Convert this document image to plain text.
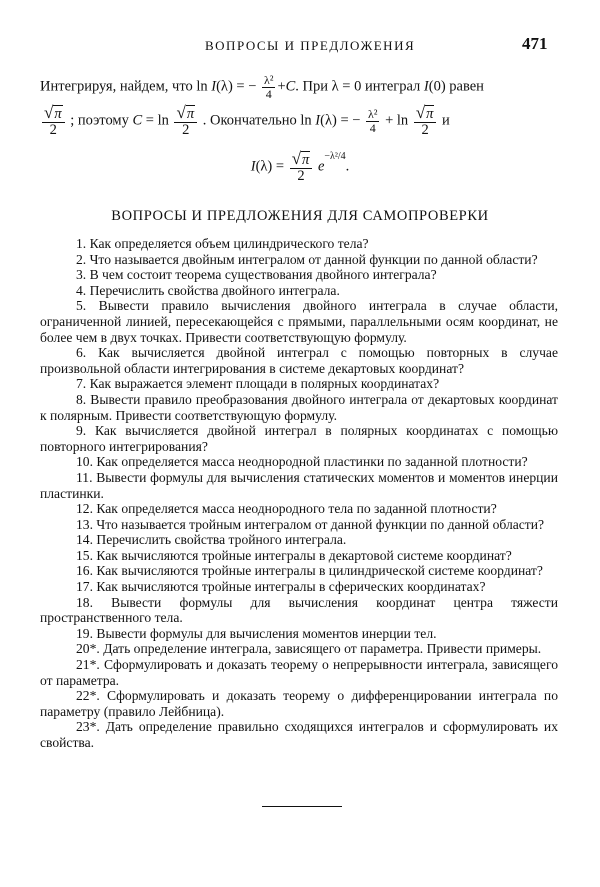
ВОПРОСЫ И ПРЕДЛОЖЕНИЯ	471
Интегрируя, найдем, что ln I(λ) = − $\frac{\text{λ²}}{4} +C$. При λ = 0 интеграл I(0) равен
$\frac{√\pi}{2}$ ; поэтому $C = \ln \frac{√\pi}{2}$ . Окончательно ln I(λ) = − $\frac{\text{λ²}}{4} + \ln \frac{√\pi}{2}$ и
$I(\lambda) = \frac{√\pi}{2} e^{-\lambda^2/4}$.
ВОПРОСЫ И ПРЕДЛОЖЕНИЯ ДЛЯ САМОПРОВЕРКИ
1. Как определяется объем цилиндрического тела?
2. Что называется двойным интегралом от данной функции по данной области?
3. В чем состоит теорема существования двойного интеграла?
4. Перечислить свойства двойного интеграла.
5. Вывести правило вычисления двойного интеграла в случае области, ограниченной линией, пересекающейся с прямыми, параллельными осям координат, не более чем в двух точках. Привести соответствующую формулу.
6. Как вычисляется двойной интеграл с помощью повторных в случае произвольной области интегрирования в системе декартовых координат?
7. Как выражается элемент площади в полярных координатах?
8. Вывести правило преобразования двойного интеграла от декартовых координат к полярным. Привести соответствующую формулу.
9. Как вычисляется двойной интеграл в полярных координатах с помощью повторного интегрирования?
10. Как определяется масса неоднородной пластинки по заданной плотности?
11. Вывести формулы для вычисления статических моментов и моментов инерции пластинки.
12. Как определяется масса неоднородного тела по заданной плотности?
13. Что называется тройным интегралом от данной функции по данной области?
14. Перечислить свойства тройного интеграла.
15. Как вычисляются тройные интегралы в декартовой системе координат?
16. Как вычисляются тройные интегралы в цилиндрической системе координат?
17. Как вычисляются тройные интегралы в сферических координатах?
18. Вывести формулы для вычисления координат центра тяжести пространственного тела.
19. Вывести формулы для вычисления моментов инерции тел.
20*. Дать определение интеграла, зависящего от параметра. Привести примеры.
21*. Сформулировать и доказать теорему о непрерывности интеграла, зависящего от параметра.
22*. Сформулировать и доказать теорему о дифференцировании интеграла по параметру (правило Лейбница).
23*. Дать определение правильно сходящихся интегралов и сформулировать их свойства.
